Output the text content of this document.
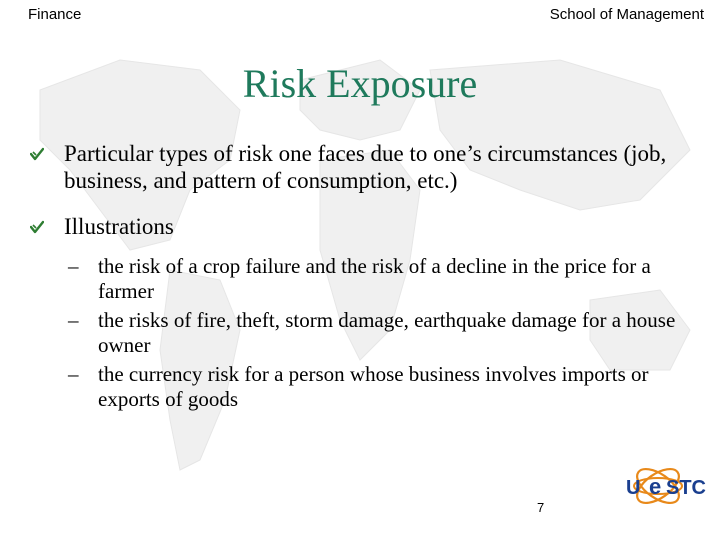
Finance	School of Management
Risk Exposure
Particular types of risk one faces due to one’s circumstances (job, business, and pattern of consumption, etc.)
Illustrations
– the risk of a crop failure and the risk of a decline in the price for a farmer
– the risks of fire, theft, storm damage, earthquake damage for a house owner
– the currency risk for a person whose business involves imports or exports of goods
7
U e STC
